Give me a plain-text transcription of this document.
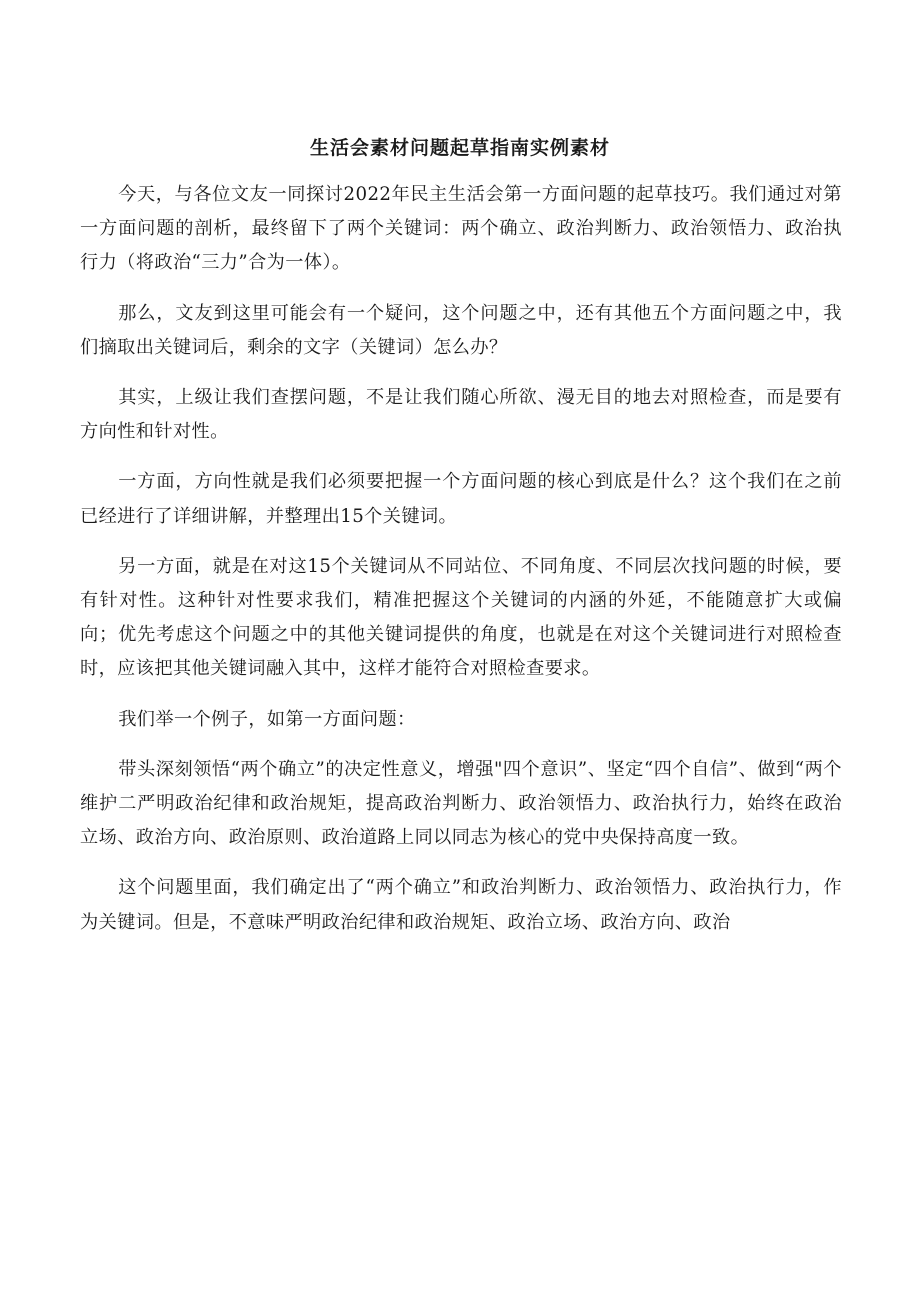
生活会素材问题起草指南实例素材

今天，与各位文友一同探讨2022年民主生活会第一方面问题的起草技巧。我们通过对第一方面问题的剖析，最终留下了两个关键词：两个确立、政治判断力、政治领悟力、政治执行力（将政治“三力”合为一体）。

那么，文友到这里可能会有一个疑问，这个问题之中，还有其他五个方面问题之中，我们摘取出关键词后，剩余的文字（关键词）怎么办？

其实，上级让我们查摆问题，不是让我们随心所欲、漫无目的地去对照检查，而是要有方向性和针对性。

一方面，方向性就是我们必须要把握一个方面问题的核心到底是什么？这个我们在之前已经进行了详细讲解，并整理出15个关键词。

另一方面，就是在对这15个关键词从不同站位、不同角度、不同层次找问题的时候，要有针对性。这种针对性要求我们，精准把握这个关键词的内涵的外延，不能随意扩大或偏向；优先考虑这个问题之中的其他关键词提供的角度，也就是在对这个关键词进行对照检查时，应该把其他关键词融入其中，这样才能符合对照检查要求。

我们举一个例子，如第一方面问题：

带头深刻领悟“两个确立”的决定性意义，增强"四个意识”、坚定“四个自信”、做到“两个维护二严明政治纪律和政治规矩，提高政治判断力、政治领悟力、政治执行力，始终在政治立场、政治方向、政治原则、政治道路上同以同志为核心的党中央保持高度一致。

这个问题里面，我们确定出了“两个确立”和政治判断力、政治领悟力、政治执行力，作为关键词。但是，不意味严明政治纪律和政治规矩、政治立场、政治方向、政治
